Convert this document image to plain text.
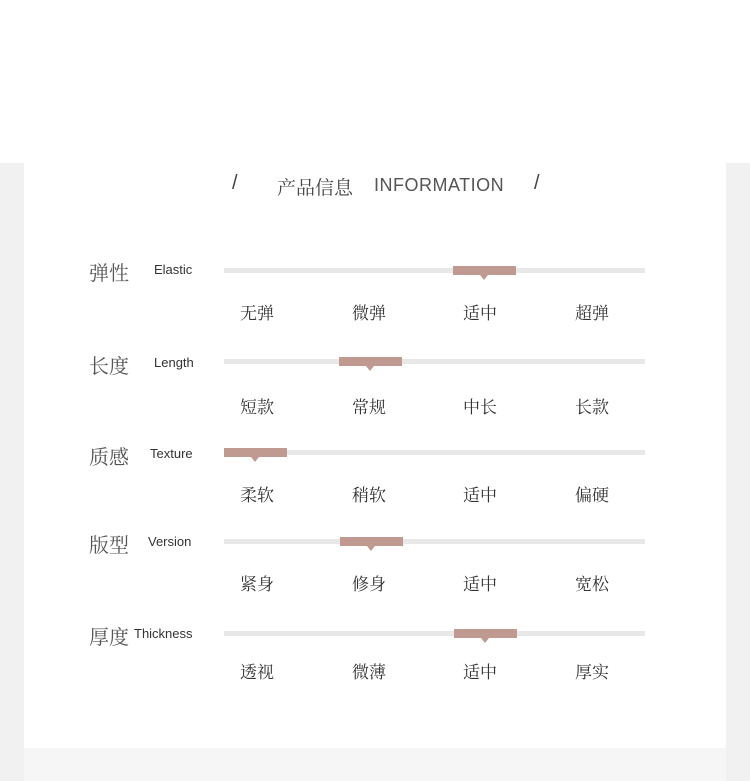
/ 产品信息 INFORMATION /
弹性 Elastic
无弹	微弹	适中	超弹
长度 Length
短款	常规	中长	长款
质感 Texture
柔软	稍软	适中	偏硬
版型 Version
紧身	修身	适中	宽松
厚度 Thickness
透视	微薄	适中	厚实
